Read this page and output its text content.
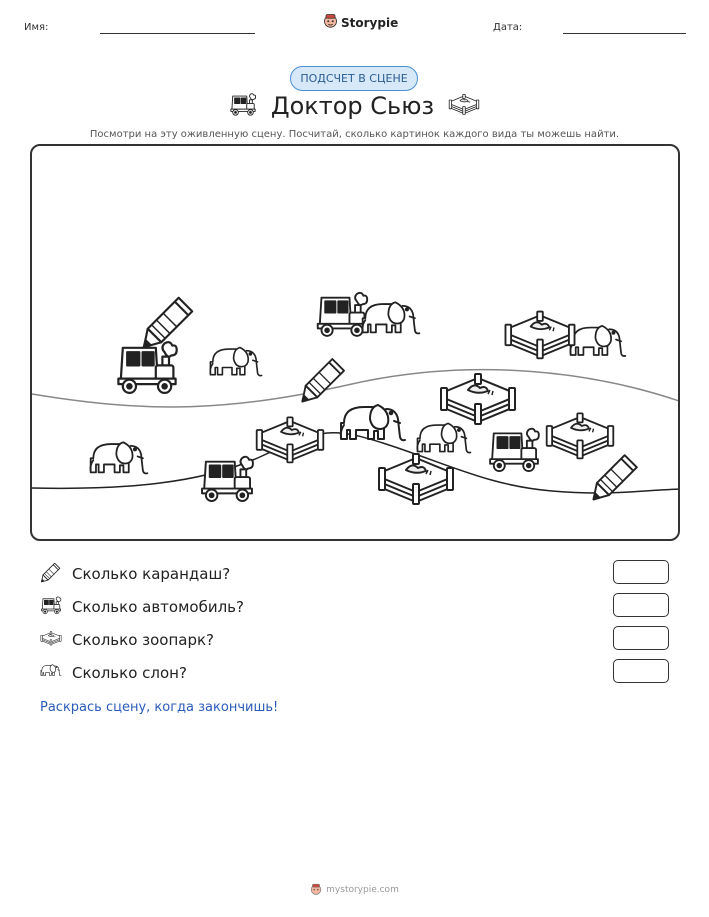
Имя:	Storypie	Дата:
ПОДСЧЕТ В СЦЕНЕ
Доктор Сьюз
Посмотри на эту оживленную сцену. Посчитай, сколько картинок каждого вида ты можешь найти.
Сколько карандаш?
Сколько автомобиль?
Сколько зоопарк?
Сколько слон?
Раскрась сцену, когда закончишь!
mystorypie.com
